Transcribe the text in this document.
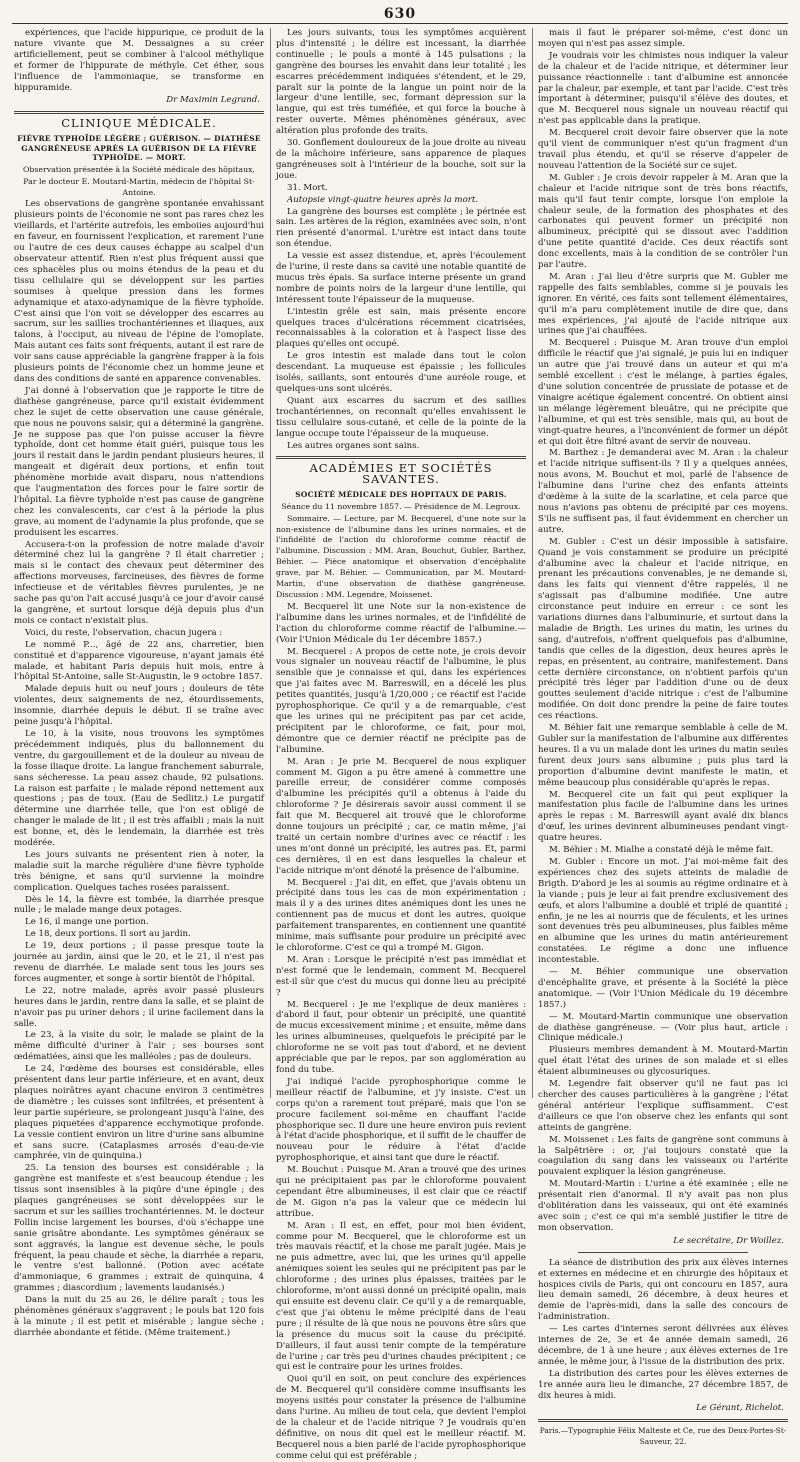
630

expériences, que l'acide hippurique, ce produit de la nature vivante que M. Dessaignes a su créer artificiellement, peut se combiner à l'alcool méthylique et former de l'hippurate de méthyle. Cet éther, sous l'influence de l'ammoniaque, se transforme en hippuramide.

Dr Maximin Legrand.
CLINIQUE MÉDICALE.
FIÈVRE TYPHOÏDE LÉGÈRE ; GUÉRISON. — DIATHÈSE GANGRÉNEUSE APRÈS LA GUÉRISON DE LA FIÈVRE TYPHOÏDE. — MORT.
Observation présentée à la Société médicale des hôpitaux,
Par le docteur E. Moutard-Martin, médecin de l'hôpital St-Antoine.

Les observations de gangrène spontanée envahissant plusieurs points de l'économie ne sont pas rares chez les vieillards, et l'artérite autrefois, les emboiies aujourd'hui en faveur, en fournissent l'explication, et rarement l'une ou l'autre de ces deux causes échappe au scalpel d'un observateur attentif. Rien n'est plus fréquent aussi que ces sphacèles plus ou moins étendus de la peau et du tissu cellulaire qui se développent sur les parties soumises à quelque pression dans les formes adynamique et ataxo-adynamique de la fièvre typhoïde. C'est ainsi que l'on voit se développer des escarres au sacrum, sur les saillies trochantériennes et iliaques, aux talons, à l'occiput, au niveau de l'épine de l'omoplate. Mais autant ces faits sont fréquents, autant il est rare de voir sans cause appréciable la gangrène frapper à la fois plusieurs points de l'économie chez un homme jeune et dans des conditions de santé en apparence convenables.

J'ai donné à l'observation que je rapporte le titre de diathèse gangréneuse, parce qu'il existait évidemment chez le sujet de cette observation une cause générale, que nous ne pouvons saisir, qui a déterminé la gangrène. Je ne suppose pas que l'on puisse accuser la fièvre typhoïde, dont cet homme était guéri, puisque tous les jours il restait dans le jardin pendant plusieurs heures, il mangeait et digérait deux portions, et enfin tout phénomène morbide avait disparu, nous n'attendions que l'augmentation des forces pour le faire sortir de l'hôpital. La fièvre typhoïde n'est pas cause de gangrène chez les convalescents, car c'est à la période la plus grave, au moment de l'adynamie la plus profonde, que se produisent les escarres.

Accusera-t-on la profession de notre malade d'avoir déterminé chez lui la gangrène ? Il était charretier ; mais si le contact des chevaux peut déterminer des affections morveuses, farcineuses, des fièvres de forme infectieuse et de véritables fièvres purulentes, je ne sache pas qu'on l'ait accusé jusqu'à ce jour d'avoir causé la gangrène, et surtout lorsque déjà depuis plus d'un mois ce contact n'existait plus.

Voici, du reste, l'observation, chacun jugera :

Le nommé P..., âgé de 22 ans, charretier, bien constitué et d'apparence vigoureuse, n'ayant jamais été malade, et habitant Paris depuis huit mois, entre à l'hôpital St-Antoine, salle St-Augustin, le 9 octobre 1857.

Malade depuis huit ou neuf jours ; douleurs de tête violentes, deux saignements de nez, étourdissements, insomnie, diarrhée depuis le début. Il se traîne avec peine jusqu'à l'hôpital.

Le 10, à la visite, nous trouvons les symptômes précédemment indiqués, plus du ballonnement du ventre, du gargouillement et de la douleur au niveau de la fosse iliaque droite. La langue franchement saburrale, sans sécheresse. La peau assez chaude, 92 pulsations. La raison est parfaite ; le malade répond nettement aux questions ; pas de toux. (Eau de Sedlitz.) Le purgatif détermine une diarrhée telle, que l'on est obligé de changer le malade de lit ; il est très affaibli ; mais la nuit est bonne, et, dès le lendemain, la diarrhée est très modérée.

Les jours suivants ne présentent rien à noter, la maladie suit la marche régulière d'une fièvre typhoïde très bénigne, et sans qu'il survienne la moindre complication. Quelques taches rosées paraissent.

Dès le 14, la fièvre est tombée, la diarrhée presque nulle ; le malade mange deux potages.

Le 16, il mange une portion.

Le 18, deux portions. Il sort au jardin.

Le 19, deux portions ; il passe presque toute la journée au jardin, ainsi que le 20, et le 21, il n'est pas revenu de diarrhée. Le malade sent tous les jours ses forces augmenter, et songe à sortir bientôt de l'hôpital.

Le 22, notre malade, après avoir passé plusieurs heures dans le jardin, rentre dans la salle, et se plaint de n'avoir pas pu uriner dehors ; il urine facilement dans la salle.

Le 23, à la visite du soir, le malade se plaint de la même difficulté d'uriner à l'air ; ses bourses sont œdématiées, ainsi que les malléoles ; pas de douleurs.

Le 24, l'œdème des bourses est considérable, elles présentent dans leur partie inférieure, et en avant, deux plaques noirâtres ayant chacune environ 3 centimètres de diamètre ; les cuisses sont infiltrées, et présentent à leur partie supérieure, se prolongeant jusqu'à l'aine, des plaques piquetées d'apparence ecchymotique profonde. La vessie contient environ un litre d'urine sans albumine et sans sucre. (Cataplasmes arrosés d'eau-de-vie camphrée, vin de quinquina.)

25. La tension des bourses est considérable ; la gangrène est manifeste et s'est beaucoup étendue ; les tissus sont insensibles à la piqûre d'une épingle ; des plaques gangréneuses se sont développées sur le sacrum et sur les saillies trochantériennes. M. le docteur Follin incise largement les bourses, d'où s'échappe une sanie grisâtre abondante. Les symptômes généraux se sont aggravés, la langue est devenue sèche, le pouls fréquent, la peau chaude et sèche, la diarrhée a reparu, le ventre s'est ballonné. (Potion avec acétate d'ammoniaque, 6 grammes ; extrait de quinquina, 4 grammes ; diascordium ; lavements laudanisés.)

Dans la nuit du 25 au 26, le délire paraît ; tous les phénomènes généraux s'aggravent ; le pouls bat 120 fois à la minute ; il est petit et misérable ; langue sèche ; diarrhée abondante et fétide. (Même traitement.)

Les jours suivants, tous les symptômes acquièrent plus d'intensité ; le délire est incessant, la diarrhée continuelle ; le pouls a monté à 145 pulsations ; la gangrène des bourses les envahit dans leur totalité ; les escarres précédemment indiquées s'étendent, et le 29, paraît sur la pointe de la langue un point noir de la largeur d'une lentille, sec, formant dépression sur la langue, qui est très tuméfiée, et qui force la bouche à rester ouverte. Mêmes phénomènes généraux, avec altération plus profonde des traits.

30. Gonflement douloureux de la joue droite au niveau de la mâchoire inférieure, sans apparence de plaques gangréneuses soit à l'intérieur de la bouche, soit sur la joue.

31. Mort.

Autopsie vingt-quatre heures après la mort.

La gangrène des bourses est complète ; le périnée est sain. Les artères de la région, examinées avec soin, n'ont rien présenté d'anormal. L'urètre est intact dans toute son étendue.

La vessie est assez distendue, et, après l'écoulement de l'urine, il reste dans sa cavité une notable quantité de mucus très épais. Sa surface interne présente un grand nombre de points noirs de la largeur d'une lentille, qui intéressent toute l'épaisseur de la muqueuse.

L'intestin grêle est sain, mais présente encore quelques traces d'ulcérations récemment cicatrisées, reconnaissables à la coloration et à l'aspect lisse des plaques qu'elles ont occupé.

Le gros intestin est malade dans tout le colon descendant. La muqueuse est épaissie ; les follicules isolés, saillants, sont entourés d'une auréole rouge, et quelques-uns sont ulcérés.

Quant aux escarres du sacrum et des saillies trochantériennes, on reconnaît qu'elles envahissent le tissu cellulaire sous-cutané, et celle de la pointe de la langue occupe toute l'épaisseur de la muqueuse.

Les autres organes sont sains.

ACADÉMIES ET SOCIÉTÉS SAVANTES.
SOCIÉTÉ MÉDICALE DES HOPITAUX DE PARIS.
Séance du 11 novembre 1857. — Présidence de M. Legroux.

Sommaire. — Lecture, par M. Becquerel, d'une note sur la non-existence de l'albumine dans les urines normales, et de l'infidélité de l'action du chloroforme comme réactif de l'albumine. Discussion : MM. Aran, Bouchut, Gubler, Barthez, Béhier. — Pièce anatomique et observation d'encéphalite grave, par M. Béhier. — Communication, par M. Moutard-Martin, d'une observation de diathèse gangréneuse. Discussion : MM. Legendre, Moissenet.

M. Becquerel lit une Note sur la non-existence de l'albumine dans les urines normales, et de l'infidélité de l'action du chloroforme comme réactif de l'albumine.— (Voir l'Union Médicale du 1er décembre 1857.)

M. Becquerel : A propos de cette note, je crois devoir vous signaler un nouveau réactif de l'albumine, le plus sensible que je connaisse et qui, dans les expériences que j'ai faites avec M. Barreswill, en a décelé les plus petites quantités, jusqu'à 1/20,000 ; ce réactif est l'acide pyrophosphorique. Ce qu'il y a de remarquable, c'est que les urines qui ne précipitent pas par cet acide, précipitent par le chloroforme, ce fait, pour moi, démontre que ce dernier réactif ne précipite pas de l'albumine.

M. Aran : Je prie M. Becquerel de nous expliquer comment M. Gigon a pu être amené à commettre une pareille erreur, de considérer comme composés d'albumine les précipités qu'il a obtenus à l'aide du chloroforme ? Je désirerais savoir aussi comment il se fait que M. Becquerel ait trouvé que le chloroforme donne toujours un précipité ; car, ce matin même, j'ai traité un certain nombre d'urines avec ce réactif : les unes m'ont donné un précipité, les autres pas. Et, parmi ces dernières, il en est dans lesquelles la chaleur et l'acide nitrique m'ont dénoté la présence de l'albumine.

M. Becquerel : J'ai dit, en effet, que j'avais obtenu un précipité dans tous les cas de mon expérimentation ; mais il y a des urines dites anémiques dont les unes ne contiennent pas de mucus et dont les autres, quoique parfaitement transparentes, en contiennent une quantité minime, mais suffisante pour produire un précipité avec le chloroforme. C'est ce qui a trompé M. Gigon.

M. Aran : Lorsque le précipité n'est pas immédiat et n'est formé que le lendemain, comment M. Becquerel est-il sûr que c'est du mucus qui donne lieu au précipité ?

M. Becquerel : Je me l'explique de deux manières : d'abord il faut, pour obtenir un précipité, une quantité de mucus excessivement minime ; et ensuite, même dans les urines albumineuses, quelquefois le précipité par le chloroforme ne se voit pas tout d'abord, et ne devient appréciable que par le repos, par son agglomération au fond du tube.

J'ai indiqué l'acide pyrophosphorique comme le meilleur réactif de l'albumine, et j'y insiste. C'est un corps qu'on a rarement tout préparé, mais que l'on se procure facilement soi-même en chauffant l'acide phosphorique sec. Il dure une heure environ puis revient à l'état d'acide phosphorique, et il suffit de le chauffer de nouveau pour le réduire à l'état d'acide pyrophosphorique, et ainsi tant que dure le réactif.

M. Bouchut : Puisque M. Aran a trouvé que des urines qui ne précipitaient pas par le chloroforme pouvaient cependant être albumineuses, il est clair que ce réactif de M. Gigon n'a pas la valeur que ce médecin lui attribue.

M. Aran : Il est, en effet, pour moi bien évident, comme pour M. Becquerel, que le chloroforme est un très mauvais réactif, et la chose me paraît jugée. Mais je ne puis admettre, avec lui, que les urines qu'il appelle anémiques soient les seules qui ne précipitent pas par le chloroforme ; des urines plus épaisses, traitées par le chloroforme, m'ont aussi donné un précipité opalin, mais qui ensuite est devenu clair. Ce qu'il y a de remarquable, c'est que j'ai obtenu le même précipité dans de l'eau pure ; il résulte de là que nous ne pouvons être sûrs que la présence du mucus soit la cause du précipité. D'ailleurs, il faut aussi tenir compte de la température de l'urine ; car très peu d'urines chaudes précipitent ; ce qui est le contraire pour les urines froides.

Quoi qu'il en soit, on peut conclure des expériences de M. Becquerel qu'il considère comme insuffisants les moyens usités pour constater la présence de l'albumine dans l'urine. Au milieu de tout cela, que devient l'emploi de la chaleur et de l'acide nitrique ? Je voudrais qu'en définitive, on nous dit quel est le meilleur réactif. M. Becquerel nous a bien parlé de l'acide pyrophosphorique comme celui qui est préférable ;

mais il faut le préparer soi-même, c'est donc un moyen qui n'est pas assez simple.

Je voudrais voir les chimistes nous indiquer la valeur de la chaleur et de l'acide nitrique, et déterminer leur puissance réactionnelle : tant d'albumine est annoncée par la chaleur, par exemple, et tant par l'acide. C'est très important à déterminer, puisqu'il s'élève des doutes, et que M. Becquerel nous signale un nouveau réactif qui n'est pas applicable dans la pratique.

M. Becquerel croit devoir faire observer que la note qu'il vient de communiquer n'est qu'un fragment d'un travail plus étendu, et qu'il se réserve d'appeler de nouveau l'attention de la Société sur ce sujet.

M. Gubler : Je crois devoir rappeler à M. Aran que la chaleur et l'acide nitrique sont de très bons réactifs, mais qu'il faut tenir compte, lorsque l'on emploie la chaleur seule, de la formation des phosphates et des carbonates qui peuvent former un précipité non albumineux, précipité qui se dissout avec l'addition d'une petite quantité d'acide. Ces deux réactifs sont donc excellents, mais à la condition de se contrôler l'un par l'autre.

M. Aran : J'ai lieu d'être surpris que M. Gubler me rappelle des faits semblables, comme si je pouvais les ignorer. En vérité, ces faits sont tellement élémentaires, qu'il m'a paru complètement inutile de dire que, dans mes expériences, j'ai ajouté de l'acide nitrique aux urines que j'ai chauffées.

M. Becquerel : Puisque M. Aran trouve d'un emploi difficile le réactif que j'ai signalé, je puis lui en indiquer un autre que j'ai trouvé dans un auteur et qui m'a semblé excellent : c'est le mélange, à parties égales, d'une solution concentrée de prussiate de potasse et de vinaigre acétique également concentré. On obtient ainsi un mélange légèrement bleuâtre, qui ne précipite que l'albumine, et qui est très sensible, mais qui, au bout de vingt-quatre heures, a l'inconvénient de former un dépôt et qui doit être filtré avant de servir de nouveau.

M. Barthez : Je demanderai avec M. Aran : la chaleur et l'acide nitrique suffisent-ils ? Il y a quelques années, nous avons, M. Bouchut et moi, parlé de l'absence de l'albumine dans l'urine chez des enfants atteints d'œdème à la suite de la scarlatine, et cela parce que nous n'avions pas obtenu de précipité par ces moyens. S'ils ne suffisent pas, il faut évidemment en chercher un autre.

M. Gubler : C'est un désir impossible à satisfaire. Quand je vois constamment se produire un précipité d'albumine avec la chaleur et l'acide nitrique, en prenant les précautions convenables, je ne demande si, dans les faits qui viennent d'être rappelés, il ne s'agissait pas d'albumine modifiée. Une autre circonstance peut induire en erreur : ce sont les variations diurnes dans l'albuminurie, et surtout dans la maladie de Brigth. Les urines du matin, les urines du sang, d'autrefois, n'offrent quelquefois pas d'albumine, tandis que celles de la digestion, deux heures après le repas, en présentent, au contraire, manifestement. Dans cette dernière circonstance, on n'obtient parfois qu'un précipité très léger par l'addition d'une ou de deux gouttes seulement d'acide nitrique : c'est de l'albumine modifiée. On doit donc prendre la peine de faire toutes ces réactions.

M. Béhier fait une remarque semblable à celle de M. Gubler sur la manifestation de l'albumine aux différentes heures. Il a vu un malade dont les urines du matin seules furent deux jours sans albumine ; puis plus tard la proportion d'albumine devint manifeste le matin, et même beaucoup plus considérable qu'après le repas.

M. Becquerel cite un fait qui peut expliquer la manifestation plus facile de l'albumine dans les urines après le repas : M. Barreswill ayant avalé dix blancs d'œuf, les urines devinrent albumineuses pendant vingt-quatre heures.

M. Béhier : M. Mialhe a constaté déjà le même fait.

M. Gubler : Encore un mot. J'ai moi-même fait des expériences chez des sujets atteints de maladie de Brigth. D'abord je les ai soumis au régime ordinaire et à la viande ; puis je leur ai fait prendre exclusivement des œufs, et alors l'albumine a doublé et triplé de quantité ; enfin, je ne les ai nourris que de féculents, et les urines sont devenues très peu albumineuses, plus faibles même en albumine que les urines du matin antérieurement constatées. Le régime a donc une influence incontestable.

— M. Béhier communique une observation d'encéphalite grave, et présente à la Société la pièce anatomique. — (Voir l'Union Médicale du 19 décembre 1857.)

— M. Moutard-Martin communique une observation de diathèse gangréneuse. — (Voir plus haut, article : Clinique médicale.)

Plusieurs membres demandent à M. Moutard-Martin quel était l'état des urines de son malade et si elles étaient albumineuses ou glycosuriques.

M. Legendre fait observer qu'il ne faut pas ici chercher des causes particulières à la gangrène ; l'état général antérieur l'explique suffisamment. C'est d'ailleurs ce que l'on observe chez les enfants qui sont atteints de gangrène.

M. Moissenet : Les faits de gangrène sont communs à la Salpêtrière : or, j'ai toujours constaté que la coagulation du sang dans les vaisseaux ou l'artérite pouvaient expliquer la lésion gangréneuse.

M. Moutard-Martin : L'urine a été examinée ; elle ne présentait rien d'anormal. Il n'y avait pas non plus d'oblitération dans les vaisseaux, qui ont été examinés avec soin ; c'est ce qui m'a semblé justifier le titre de mon observation.

Le secrétaire, Dr Woillez.

La séance de distribution des prix aux élèves internes et externes en médecine et en chirurgie des hôpitaux et hospices civils de Paris, qui ont concouru en 1857, aura lieu demain samedi, 26 décembre, à deux heures et demie de l'après-midi, dans la salle des concours de l'administration.

— Les cartes d'internes seront délivrées aux élèves internes de 2e, 3e et 4e année demain samedi, 26 décembre, de 1 à une heure ; aux élèves externes de 1re année, le même jour, à l'issue de la distribution des prix.

La distribution des cartes pour les élèves externes de 1re année aura lieu le dimanche, 27 décembre 1857, de dix heures à midi.

Le Gérant, Richelot.
Paris.—Typographie Félix Malteste et Ce, rue des Deux-Portes-St-Sauveur, 22.
